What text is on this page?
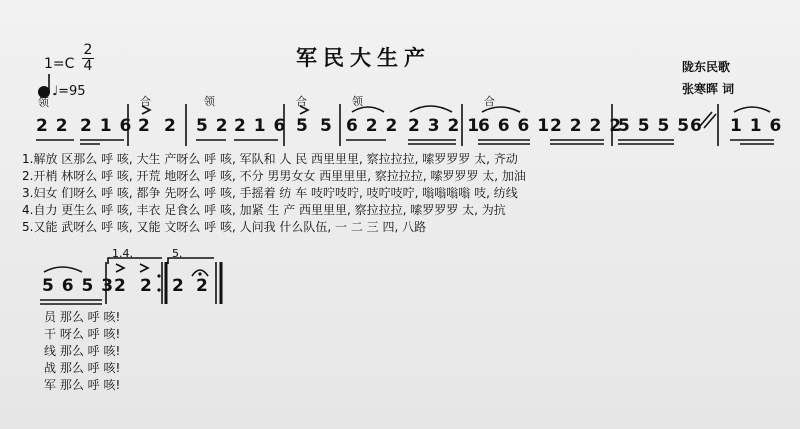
军民大生产
1=C
2
4
♩=95
陇东民歌
张寒晖 词
领	合	领	合	领	合
2 2 2 1 6 2 2 5 2 2 1 6 5 5 6 2 2 2 3 2 1
6 6 6 1 2 2 2 2
5 5 5 5 6 1 1 6
1.解放 区那么 呼 咳, 大生 产呀么 呼 咳, 军队和 人 民 西里里里, 察拉拉拉, 嗦罗罗罗 太, 齐动
2.开梢 林呀么 呼 咳, 开荒 地呀么 呼 咳, 不分 男男女女 西里里里, 察拉拉拉, 嗦罗罗罗 太, 加油
3.妇女 们呀么 呼 咳, 都争 先呀么 呼 咳, 手摇着 纺 车 吱咛吱咛, 吱咛吱咛, 嗡嗡嗡嗡 吱, 纺线
4.自力 更生么 呼 咳, 丰衣 足食么 呼 咳, 加紧 生 产 西里里里, 察拉拉拉, 嗦罗罗罗 太, 为抗
5.又能 武呀么 呼 咳, 又能 文呀么 呼 咳, 人问我 什么队伍, 一 二 三 四, 八路
1.4.	5.
5 6 5 3 2 2 2 2
员 那么 呼 咳!
干 呀么 呼 咳!
线 那么 呼 咳!
战 那么 呼 咳!
军 那么 呼 咳!
